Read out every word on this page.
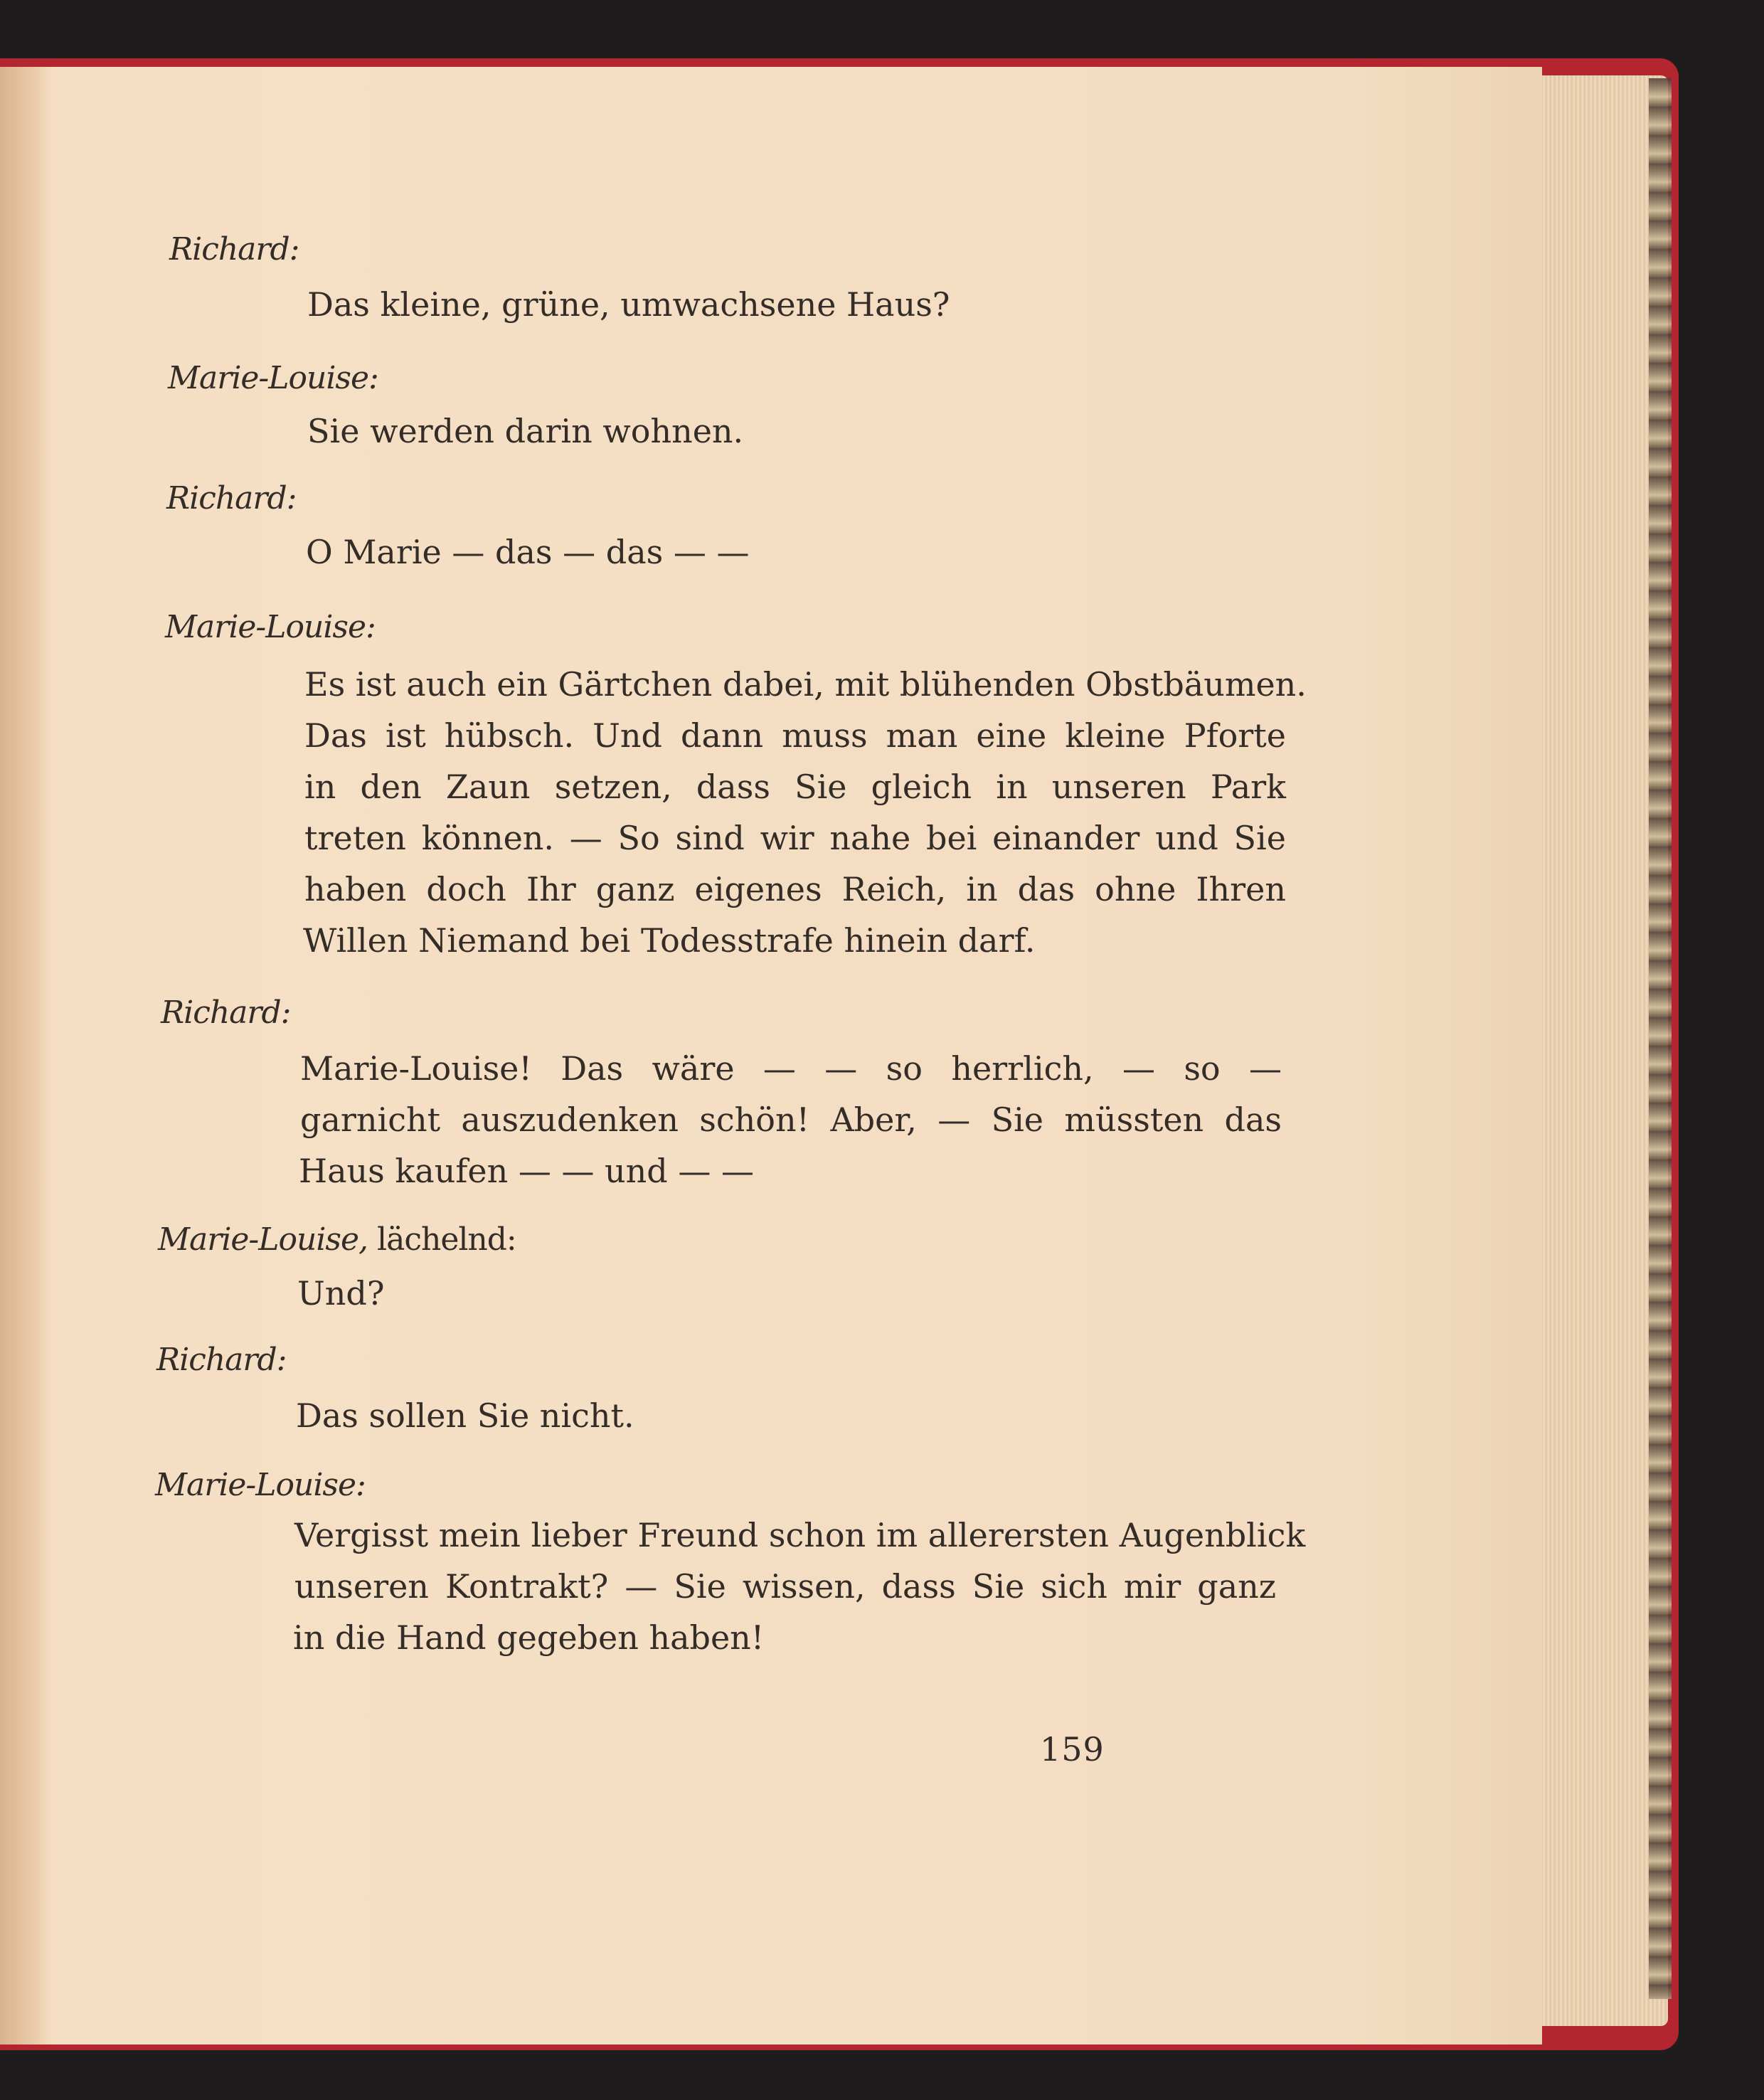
Richard:
Das kleine, grüne, umwachsene Haus?
Marie-Louise:
Sie werden darin wohnen.
Richard:
O Marie — das — das — —
Marie-Louise:
Es ist auch ein Gärtchen dabei, mit blühenden Obstbäumen.
Das ist hübsch. Und dann muss man eine kleine Pforte
in den Zaun setzen, dass Sie gleich in unseren Park
treten können. — So sind wir nahe bei einander und Sie
haben doch Ihr ganz eigenes Reich, in das ohne Ihren
Willen Niemand bei Todesstrafe hinein darf.
Richard:
Marie-Louise! Das wäre — — so herrlich, — so —
garnicht auszudenken schön! Aber, — Sie müssten das
Haus kaufen — — und — —
Marie-Louise, lächelnd:
Und?
Richard:
Das sollen Sie nicht.
Marie-Louise:
Vergisst mein lieber Freund schon im allerersten Augenblick
unseren Kontrakt? — Sie wissen, dass Sie sich mir ganz
in die Hand gegeben haben!
159
